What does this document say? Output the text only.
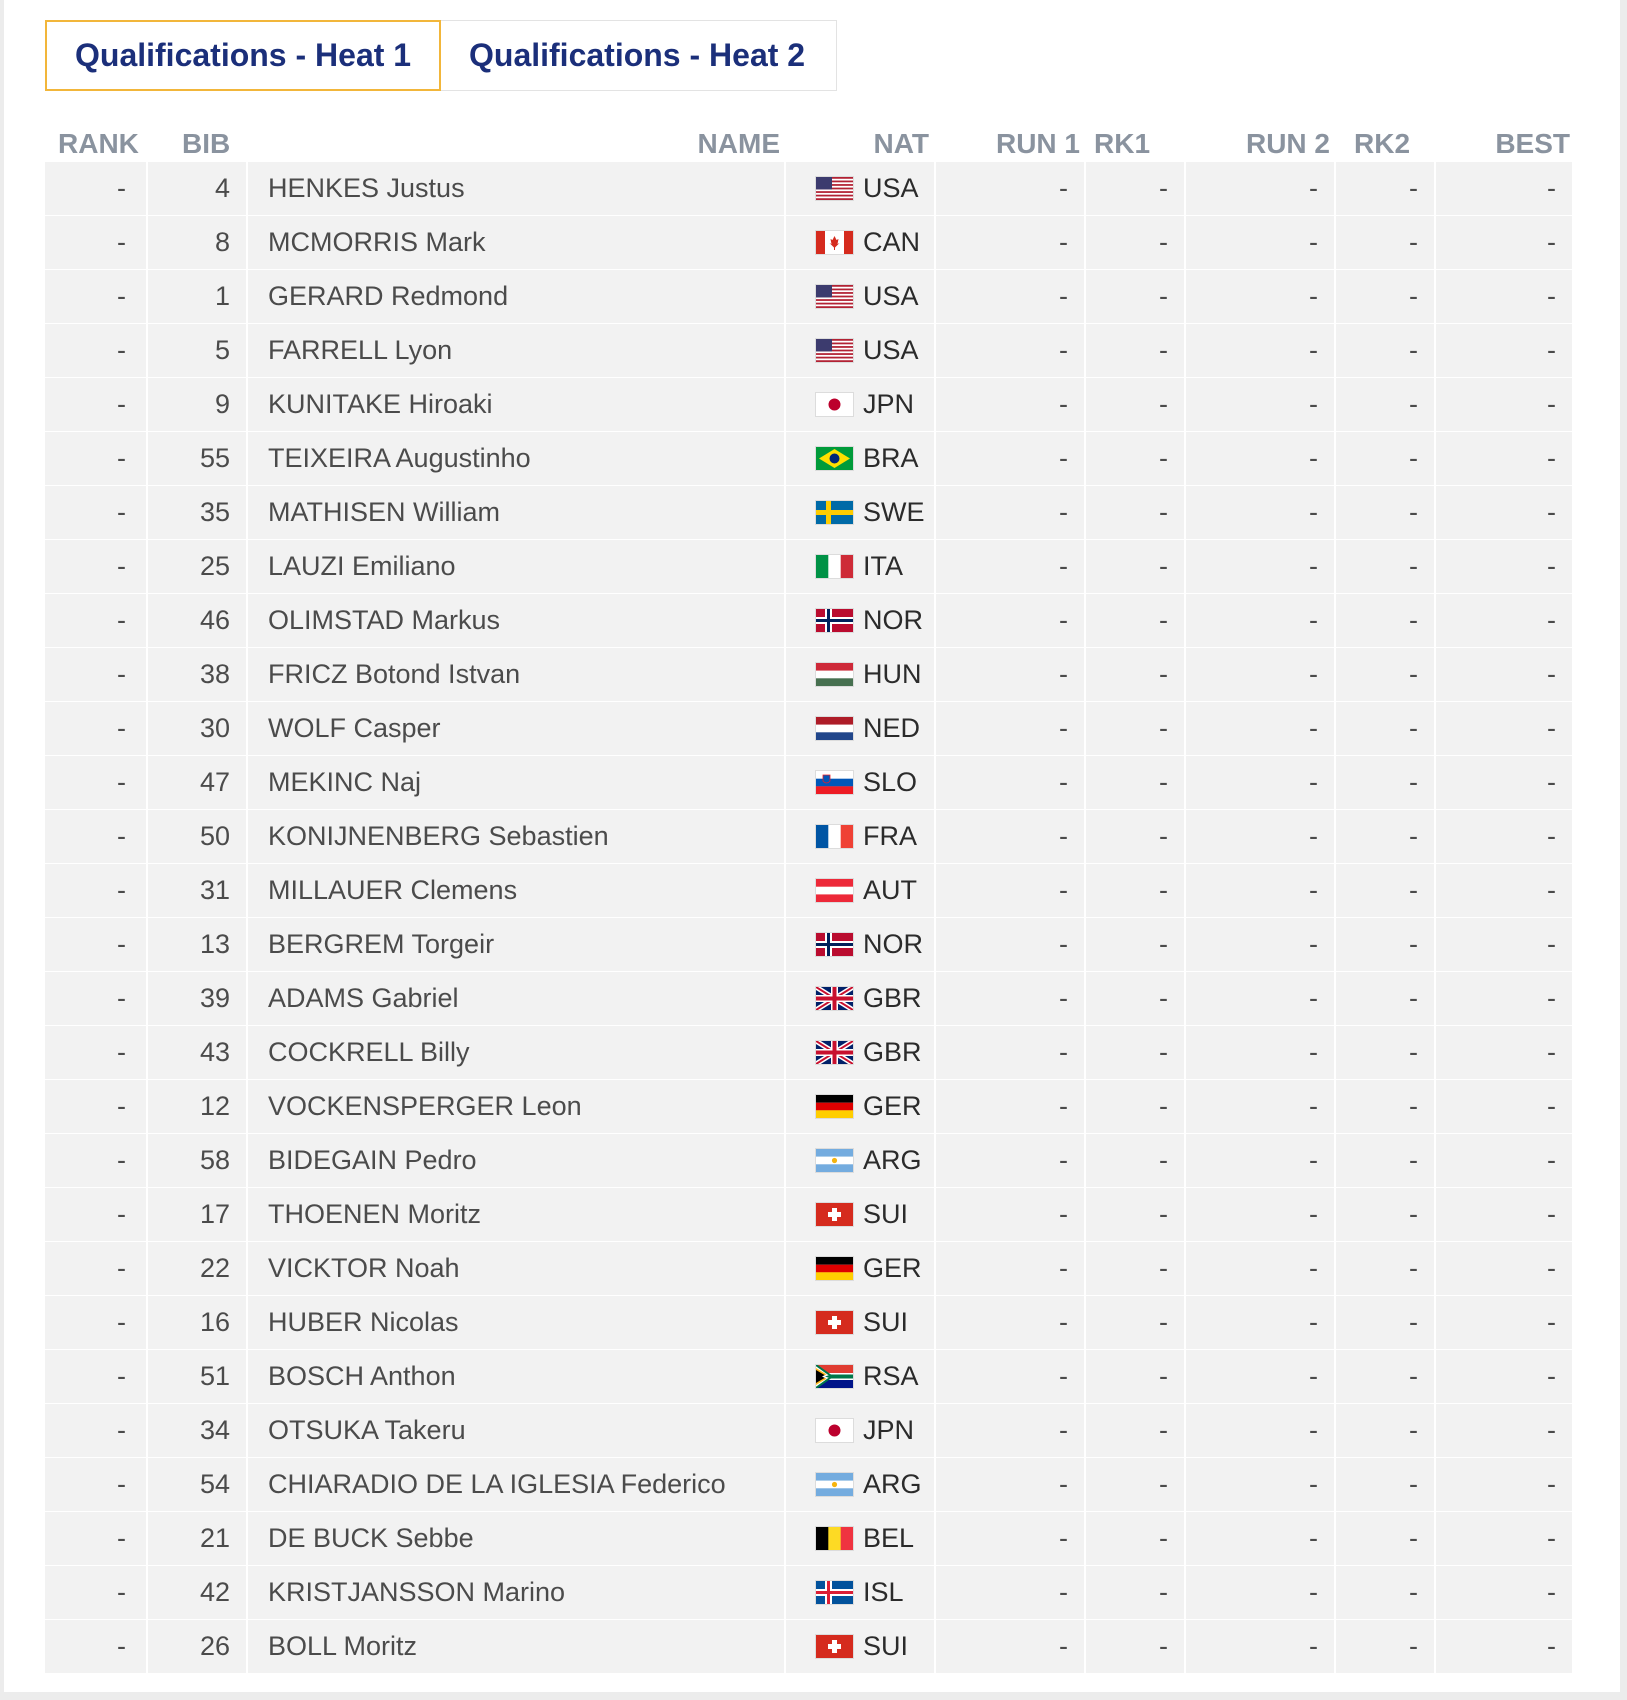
Qualifications - Heat 1	Qualifications - Heat 2
RANK	BIB	NAME	NAT	RUN 1 RK1	RUN 2 RK2	BEST
-	4	HENKES Justus	USA	-	-	-	-	-
-	8	MCMORRIS Mark	CAN	-	-	-	-	-
-	1	GERARD Redmond	USA	-	-	-	-	-
-	5	FARRELL Lyon	USA	-	-	-	-	-
-	9	KUNITAKE Hiroaki	JPN	-	-	-	-	-
-	55	TEIXEIRA Augustinho	BRA	-	-	-	-	-
-	35	MATHISEN William	SWE	-	-	-	-	-
-	25	LAUZI Emiliano	ITA	-	-	-	-	-
-	46	OLIMSTAD Markus	NOR	-	-	-	-	-
-	38	FRICZ Botond Istvan	HUN	-	-	-	-	-
-	30	WOLF Casper	NED	-	-	-	-	-
-	47	MEKINC Naj	SLO	-	-	-	-	-
-	50	KONIJNENBERG Sebastien	FRA	-	-	-	-	-
-	31	MILLAUER Clemens	AUT	-	-	-	-	-
-	13	BERGREM Torgeir	NOR	-	-	-	-	-
-	39	ADAMS Gabriel	GBR	-	-	-	-	-
-	43	COCKRELL Billy	GBR	-	-	-	-	-
-	12	VOCKENSPERGER Leon	GER	-	-	-	-	-
-	58	BIDEGAIN Pedro	ARG	-	-	-	-	-
-	17	THOENEN Moritz	SUI	-	-	-	-	-
-	22	VICKTOR Noah	GER	-	-	-	-	-
-	16	HUBER Nicolas	SUI	-	-	-	-	-
-	51	BOSCH Anthon	RSA	-	-	-	-	-
-	34	OTSUKA Takeru	JPN	-	-	-	-	-
-	54	CHIARADIO DE LA IGLESIA Federico	ARG	-	-	-	-	-
-	21	DE BUCK Sebbe	BEL	-	-	-	-	-
-	42	KRISTJANSSON Marino	ISL	-	-	-	-	-
-	26	BOLL Moritz	SUI	-	-	-	-	-
